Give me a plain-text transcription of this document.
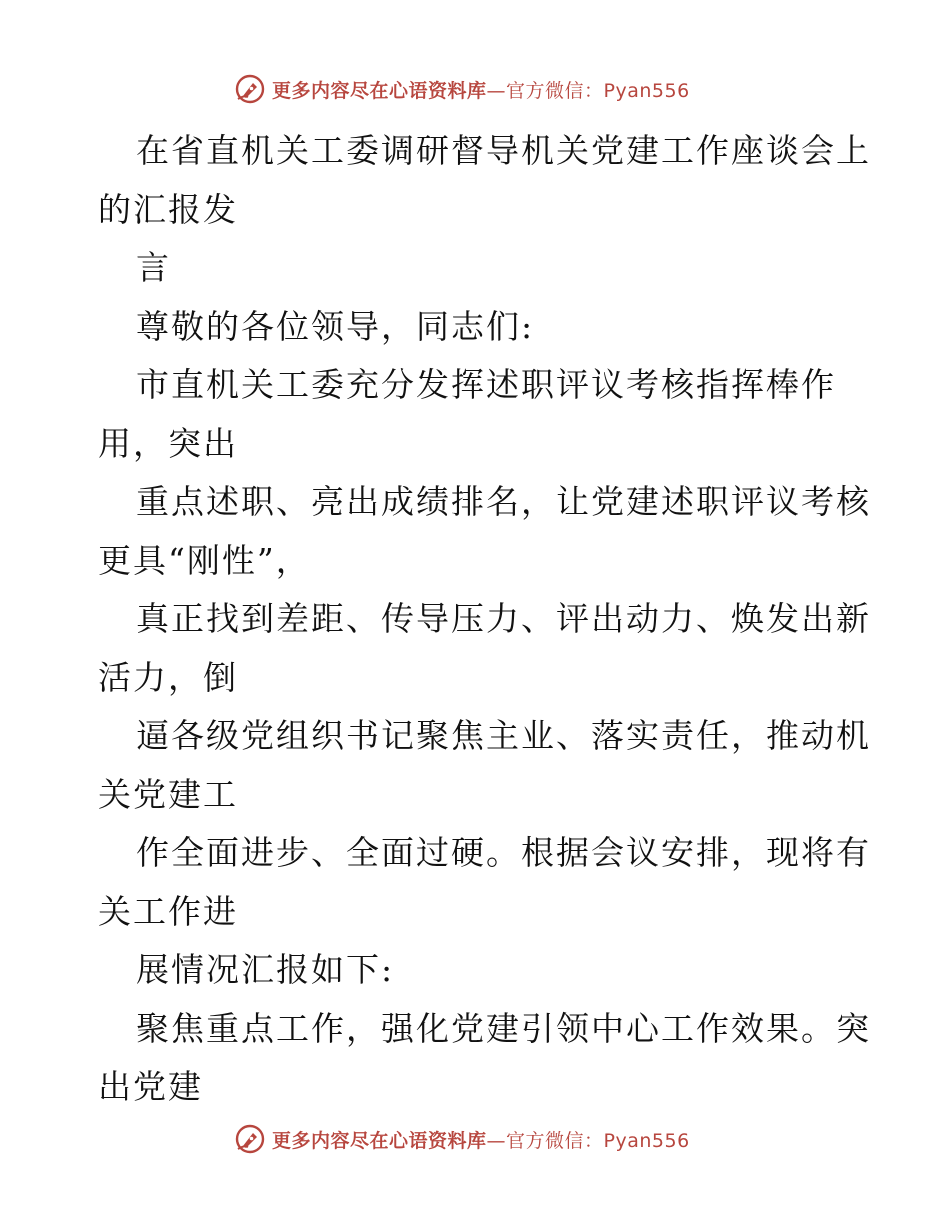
更多内容尽在心语资料库—官方微信：Pyan556
在省直机关工委调研督导机关党建工作座谈会上
的汇报发
言
尊敬的各位领导，同志们:
市直机关工委充分发挥述职评议考核指挥棒作
用，突出
重点述职、亮出成绩排名，让党建述职评议考核
更具“刚性”，
真正找到差距、传导压力、评出动力、焕发出新
活力，倒
逼各级党组织书记聚焦主业、落实责任，推动机
关党建工
作全面进步、全面过硬。根据会议安排，现将有
关工作进
展情况汇报如下:
聚焦重点工作，强化党建引领中心工作效果。突
出党建
更多内容尽在心语资料库—官方微信：Pyan556
